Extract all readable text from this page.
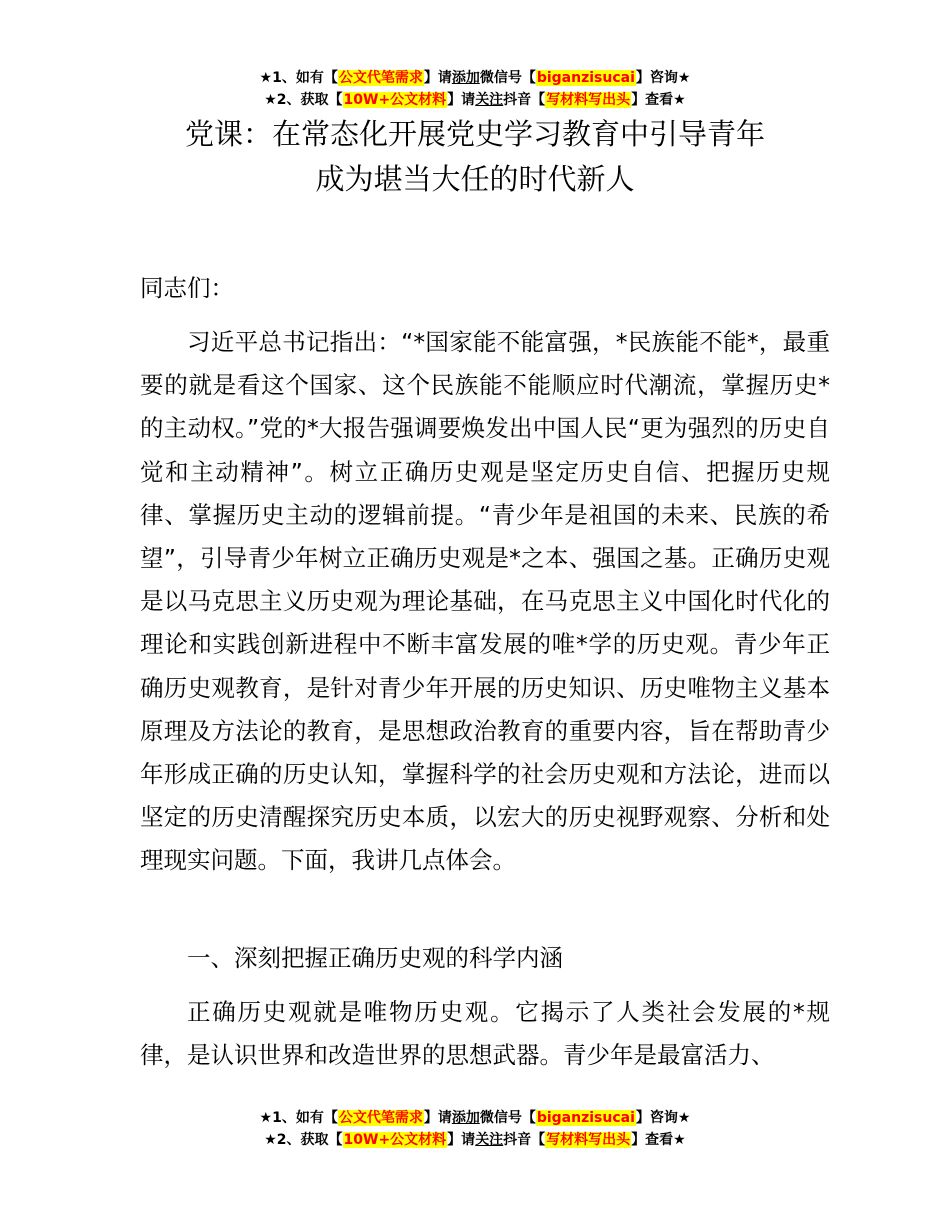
★1、如有【公文代笔需求】请添加微信号【biganzisucai】咨询★
★2、获取【10W+公文材料】请关注抖音【写材料写出头】查看★
党课：在常态化开展党史学习教育中引导青年
成为堪当大任的时代新人
同志们：
习近平总书记指出：“*国家能不能富强，*民族能不能*，最重要的就是看这个国家、这个民族能不能顺应时代潮流，掌握历史*的主动权。”党的*大报告强调要焕发出中国人民“更为强烈的历史自觉和主动精神”。树立正确历史观是坚定历史自信、把握历史规律、掌握历史主动的逻辑前提。“青少年是祖国的未来、民族的希望”，引导青少年树立正确历史观是*之本、强国之基。正确历史观是以马克思主义历史观为理论基础，在马克思主义中国化时代化的理论和实践创新进程中不断丰富发展的唯*学的历史观。青少年正确历史观教育，是针对青少年开展的历史知识、历史唯物主义基本原理及方法论的教育，是思想政治教育的重要内容，旨在帮助青少年形成正确的历史认知，掌握科学的社会历史观和方法论，进而以坚定的历史清醒探究历史本质，以宏大的历史视野观察、分析和处理现实问题。下面，我讲几点体会。
一、深刻把握正确历史观的科学内涵
正确历史观就是唯物历史观。它揭示了人类社会发展的*规律，是认识世界和改造世界的思想武器。青少年是最富活力、
★1、如有【公文代笔需求】请添加微信号【biganzisucai】咨询★
★2、获取【10W+公文材料】请关注抖音【写材料写出头】查看★
